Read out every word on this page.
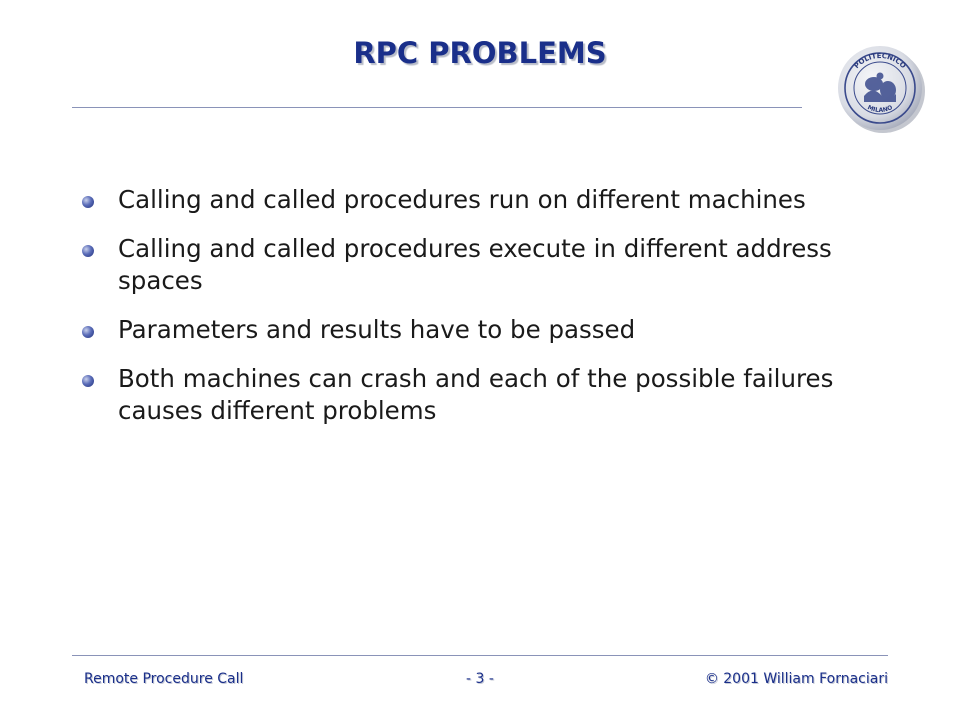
RPC PROBLEMS	POLITECNICO
MILANO
Calling and called procedures run on different machines
Calling and called procedures execute in different address spaces
Parameters and results have to be passed
Both machines can crash and each of the possible failures causes different problems
Remote Procedure Call	- 3 -	© 2001 William Fornaciari
